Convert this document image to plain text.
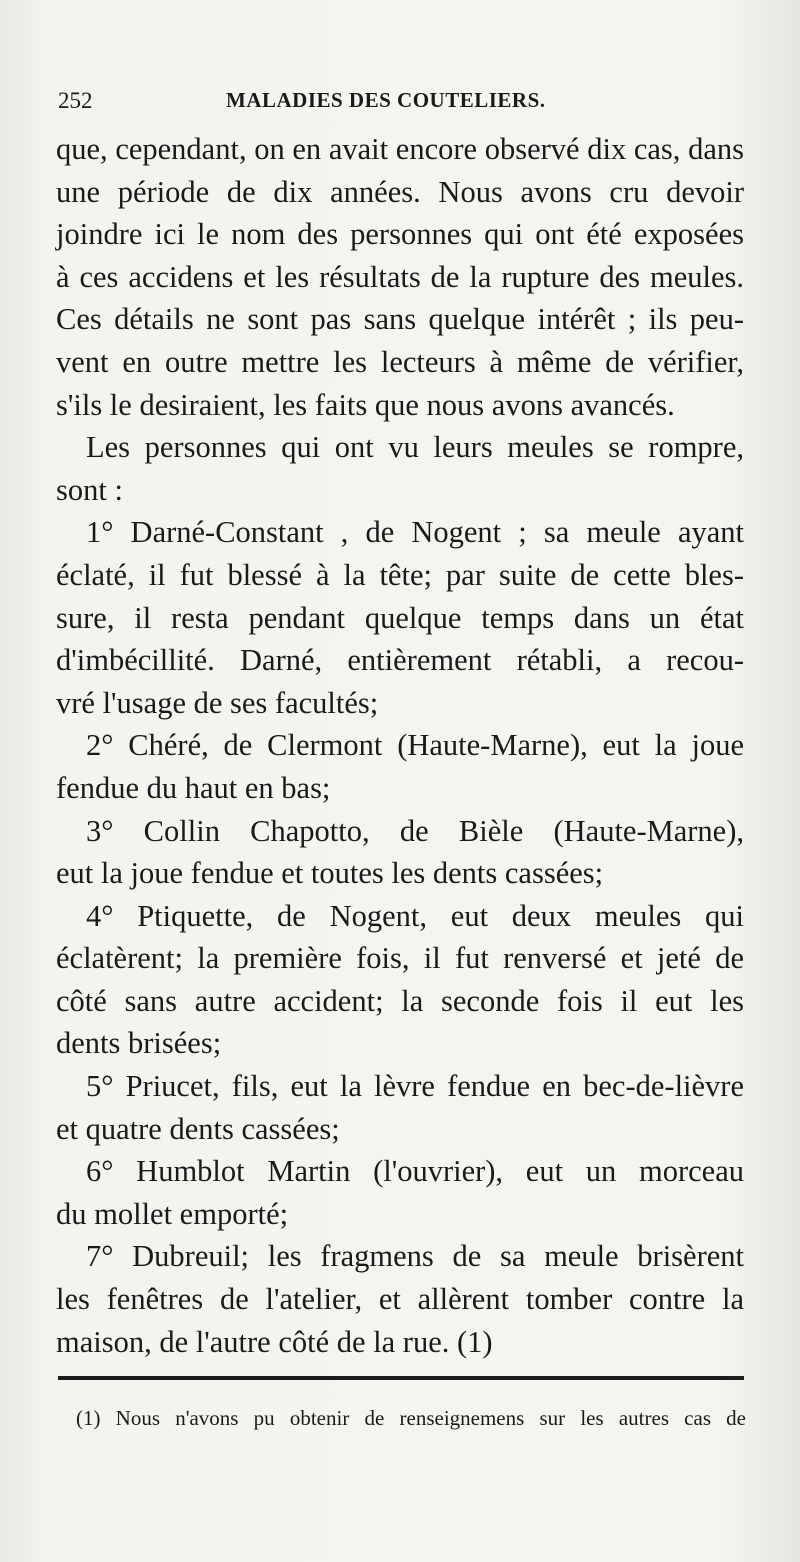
252	MALADIES DES COUTELIERS.
que, cependant, on en avait encore observé dix cas, dans
une période de dix années. Nous avons cru devoir
joindre ici le nom des personnes qui ont été exposées
à ces accidens et les résultats de la rupture des meules.
Ces détails ne sont pas sans quelque intérêt ; ils peu-
vent en outre mettre les lecteurs à même de vérifier,
s'ils le desiraient, les faits que nous avons avancés.
Les personnes qui ont vu leurs meules se rompre,
sont :
1° Darné-Constant , de Nogent ; sa meule ayant
éclaté, il fut blessé à la tête; par suite de cette bles-
sure, il resta pendant quelque temps dans un état
d'imbécillité. Darné, entièrement rétabli, a recou-
vré l'usage de ses facultés;
2° Chéré, de Clermont (Haute-Marne), eut la joue
fendue du haut en bas;
3° Collin Chapotto, de Bièle (Haute-Marne),
eut la joue fendue et toutes les dents cassées;
4° Ptiquette, de Nogent, eut deux meules qui
éclatèrent; la première fois, il fut renversé et jeté de
côté sans autre accident; la seconde fois il eut les
dents brisées;
5° Priucet, fils, eut la lèvre fendue en bec-de-lièvre
et quatre dents cassées;
6° Humblot Martin (l'ouvrier), eut un morceau
du mollet emporté;
7° Dubreuil; les fragmens de sa meule brisèrent
les fenêtres de l'atelier, et allèrent tomber contre la
maison, de l'autre côté de la rue. (1)
(1) Nous n'avons pu obtenir de renseignemens sur les autres cas de
